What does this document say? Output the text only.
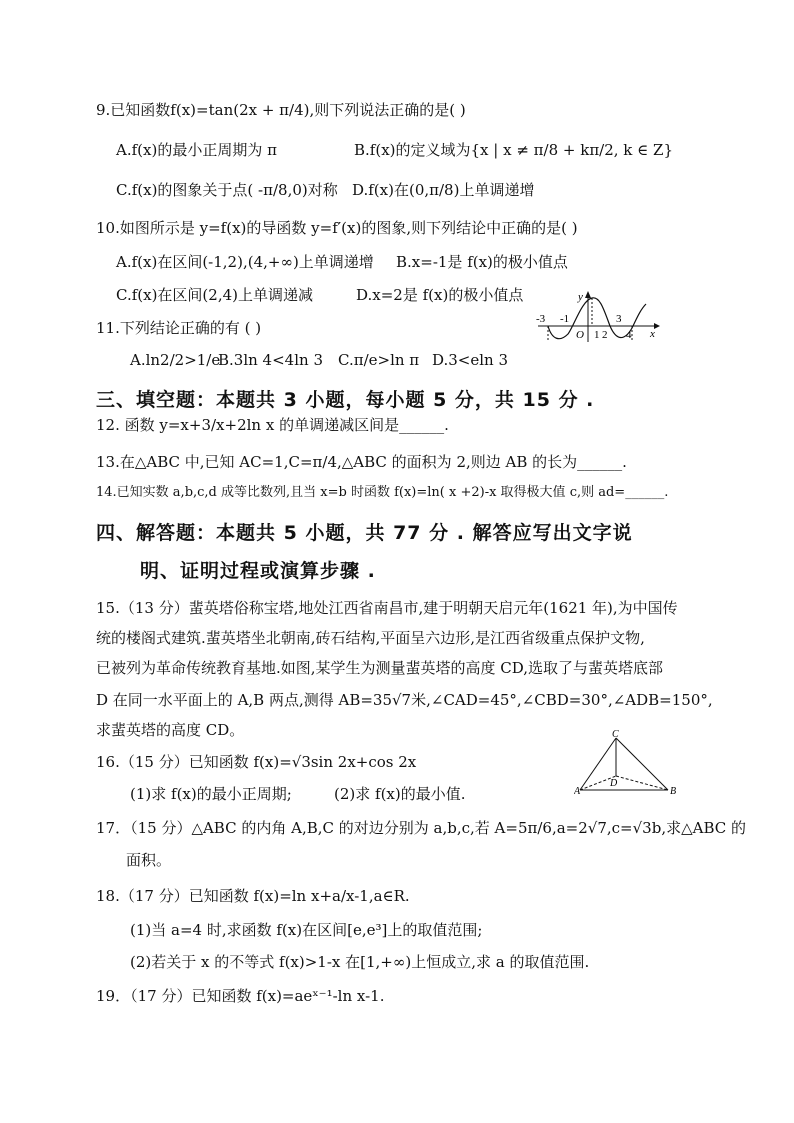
9.已知函数f(x)=tan(2x + π/4),则下列说法正确的是( )
A.f(x)的最小正周期为 π	B.f(x)的定义域为{x | x ≠ π/8 + kπ/2, k ∈ Z}
C.f(x)的图象关于点( -π/8,0)对称 D.f(x)在(0,π/8)上单调递增
10.如图所示是 y=f(x)的导函数 y=f′(x)的图象,则下列结论中正确的是( )
A.f(x)在区间(-1,2),(4,+∞)上单调递增 B.x=-1是 f(x)的极小值点
C.f(x)在区间(2,4)上单调递减	D.x=2是 f(x)的极小值点	y
-3 -1
O 1 2
3
4 x
11.下列结论正确的有 ( )
A.ln2/2>1/e
B.3ln 4<4ln 3 C.π/e>ln π D.3<eln 3
三、填空题：本题共 3 小题，每小题 5 分，共 15 分 .
12. 函数 y=x+3/x+2ln x 的单调递减区间是______.
13.在△ABC 中,已知 AC=1,C=π/4,△ABC 的面积为 2,则边 AB 的长为______.
14.已知实数 a,b,c,d 成等比数列,且当 x=b 时函数 f(x)=ln( x +2)-x 取得极大值 c,则 ad=______.
四、解答题：本题共 5 小题，共 77 分 . 解答应写出文字说
明、证明过程或演算步骤 .
15.（13 分）蜚英塔俗称宝塔,地处江西省南昌市,建于明朝天启元年(1621 年),为中国传
统的楼阁式建筑.蜚英塔坐北朝南,砖石结构,平面呈六边形,是江西省级重点保护文物,
已被列为革命传统教育基地.如图,某学生为测量蜚英塔的高度 CD,选取了与蜚英塔底部
D 在同一水平面上的 A,B 两点,测得 AB=35√7米,∠CAD=45°,∠CBD=30°,∠ADB=150°,
求蜚英塔的高度 CD。	C
D
A	B
16.（15 分）已知函数 f(x)=√3sin 2x+cos 2x
(1)求 f(x)的最小正周期;	(2)求 f(x)的最小值.
17．（15 分）△ABC 的内角 A,B,C 的对边分别为 a,b,c,若 A=5π/6,a=2√7,c=√3b,求△ABC 的
面积。
18.（17 分）已知函数 f(x)=ln x+a/x-1,a∈R.
(1)当 a=4 时,求函数 f(x)在区间[e,e³]上的取值范围;
(2)若关于 x 的不等式 f(x)>1-x 在[1,+∞)上恒成立,求 a 的取值范围.
19．（17 分）已知函数 f(x)=aeˣ⁻¹-ln x-1.
